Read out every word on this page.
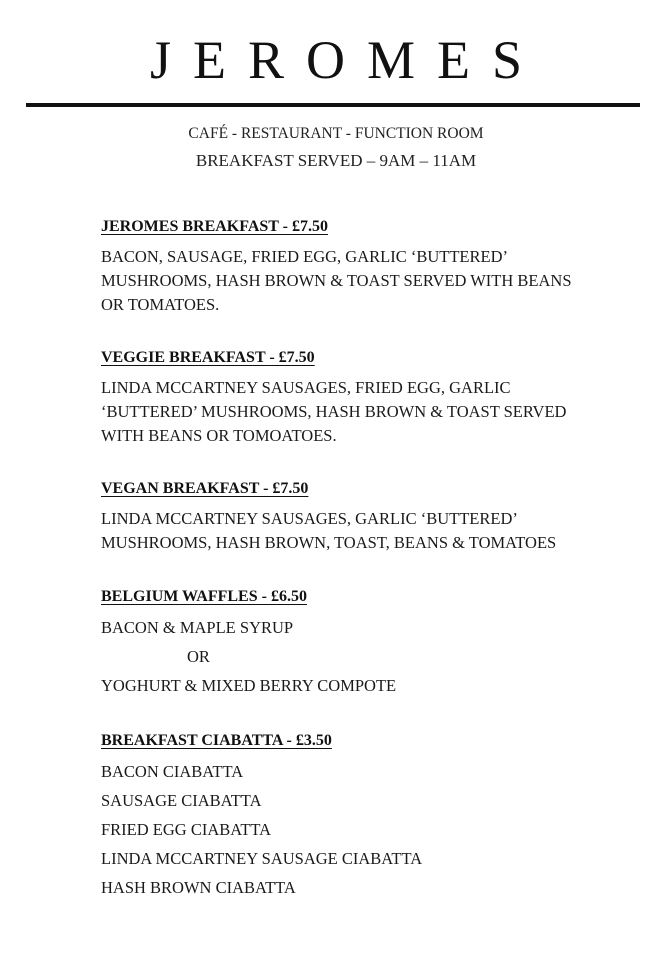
JEROMES
CAFÉ - RESTAURANT - FUNCTION ROOM
BREAKFAST SERVED – 9AM – 11AM
JEROMES BREAKFAST - £7.50
BACON, SAUSAGE, FRIED EGG, GARLIC ‘BUTTERED’
MUSHROOMS, HASH BROWN & TOAST SERVED WITH BEANS
OR TOMATOES.
VEGGIE BREAKFAST - £7.50
LINDA MCCARTNEY SAUSAGES, FRIED EGG, GARLIC
‘BUTTERED’ MUSHROOMS, HASH BROWN & TOAST SERVED
WITH BEANS OR TOMOATOES.
VEGAN BREAKFAST - £7.50
LINDA MCCARTNEY SAUSAGES, GARLIC ‘BUTTERED’
MUSHROOMS, HASH BROWN, TOAST, BEANS & TOMATOES
BELGIUM WAFFLES - £6.50
BACON & MAPLE SYRUP
OR
YOGHURT & MIXED BERRY COMPOTE
BREAKFAST CIABATTA - £3.50
BACON CIABATTA
SAUSAGE CIABATTA
FRIED EGG CIABATTA
LINDA MCCARTNEY SAUSAGE CIABATTA
HASH BROWN CIABATTA
